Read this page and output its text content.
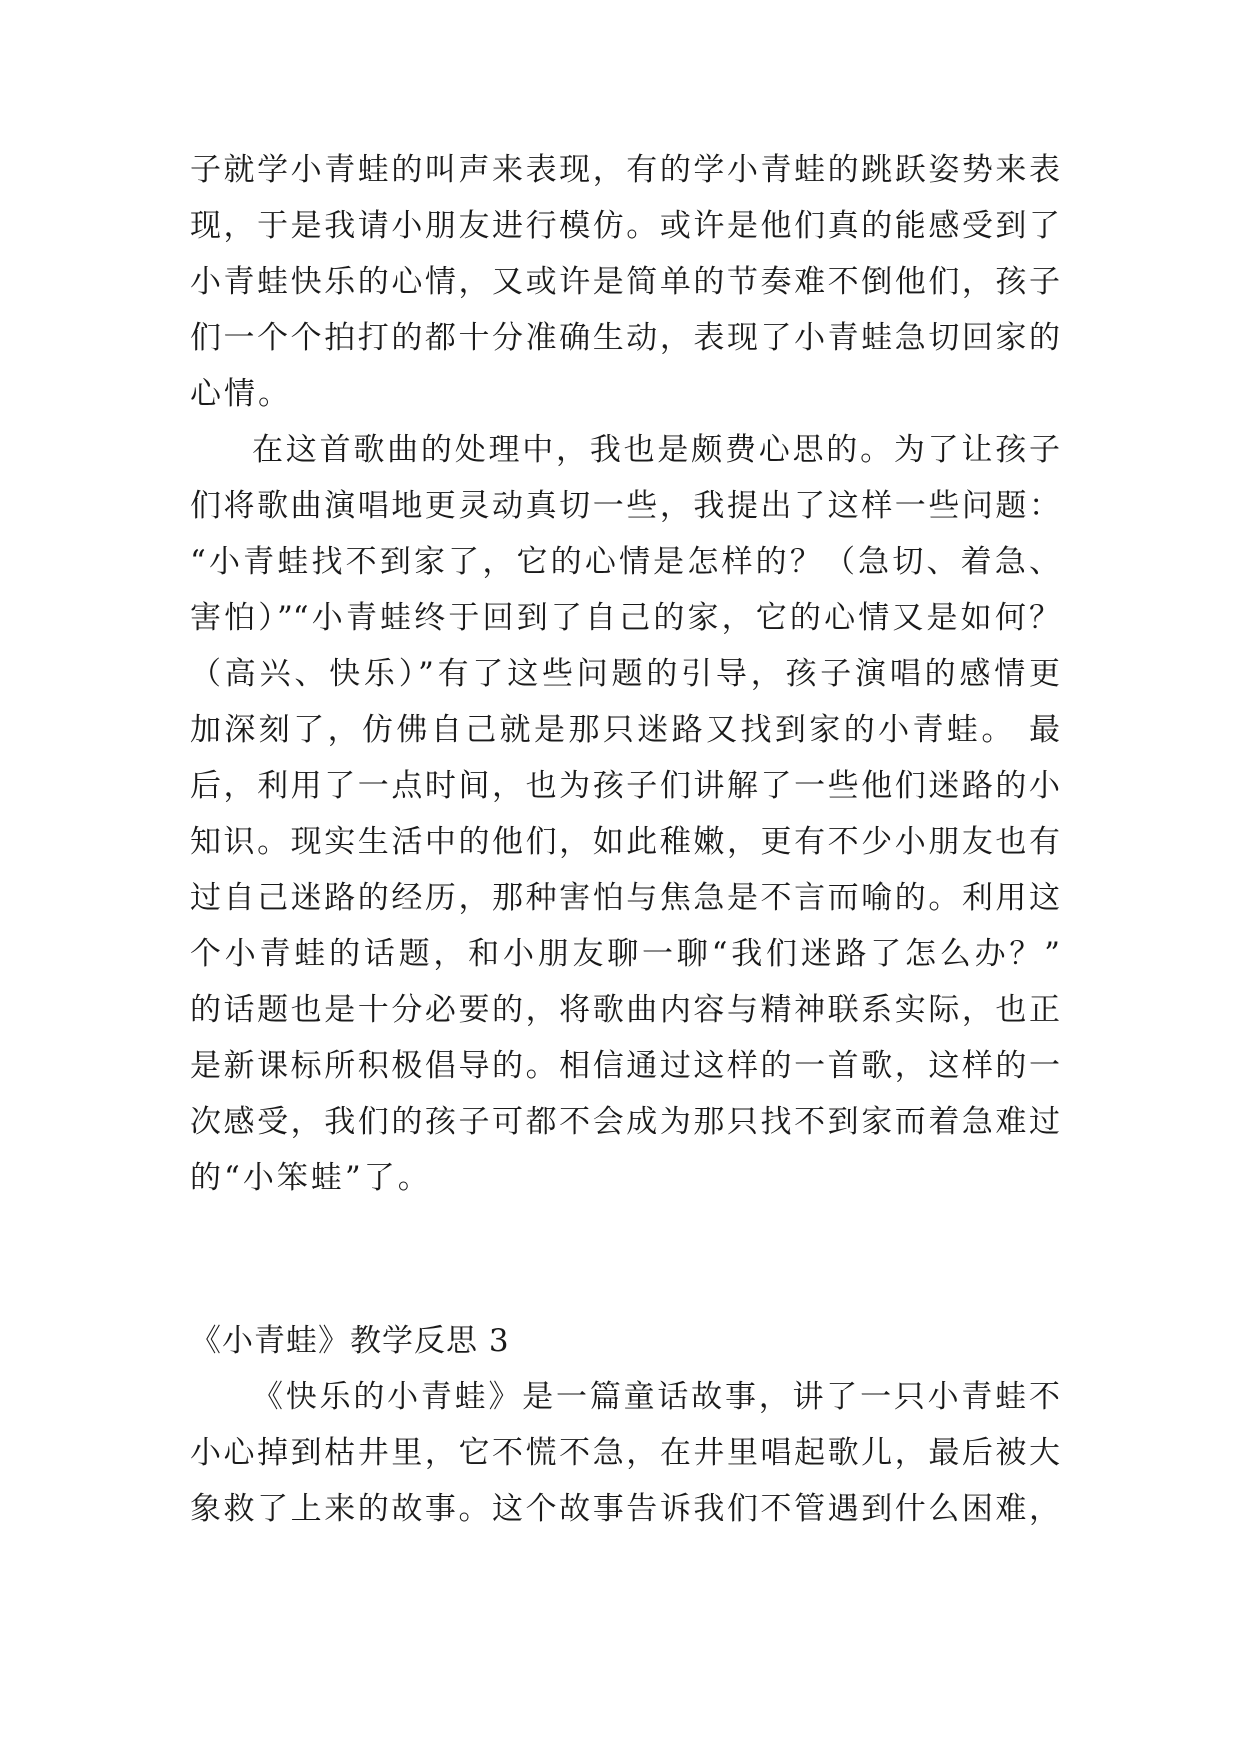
子就学小青蛙的叫声来表现，有的学小青蛙的跳跃姿势来表
现，于是我请小朋友进行模仿。或许是他们真的能感受到了
小青蛙快乐的心情，又或许是简单的节奏难不倒他们，孩子
们一个个拍打的都十分准确生动，表现了小青蛙急切回家的
心情。
在这首歌曲的处理中，我也是颇费心思的。为了让孩子
们将歌曲演唱地更灵动真切一些，我提出了这样一些问题：
“小青蛙找不到家了，它的心情是怎样的？（急切、着急、
害怕）”“小青蛙终于回到了自己的家，它的心情又是如何？
（高兴、快乐）”有了这些问题的引导，孩子演唱的感情更
加深刻了，仿佛自己就是那只迷路又找到家的小青蛙。 最
后，利用了一点时间，也为孩子们讲解了一些他们迷路的小
知识。现实生活中的他们，如此稚嫩，更有不少小朋友也有
过自己迷路的经历，那种害怕与焦急是不言而喻的。利用这
个小青蛙的话题，和小朋友聊一聊“我们迷路了怎么办？”
的话题也是十分必要的，将歌曲内容与精神联系实际，也正
是新课标所积极倡导的。相信通过这样的一首歌，这样的一
次感受，我们的孩子可都不会成为那只找不到家而着急难过
的“小笨蛙”了。
《小青蛙》教学反思 3
《快乐的小青蛙》是一篇童话故事，讲了一只小青蛙不
小心掉到枯井里，它不慌不急，在井里唱起歌儿，最后被大
象救了上来的故事。这个故事告诉我们不管遇到什么困难，
